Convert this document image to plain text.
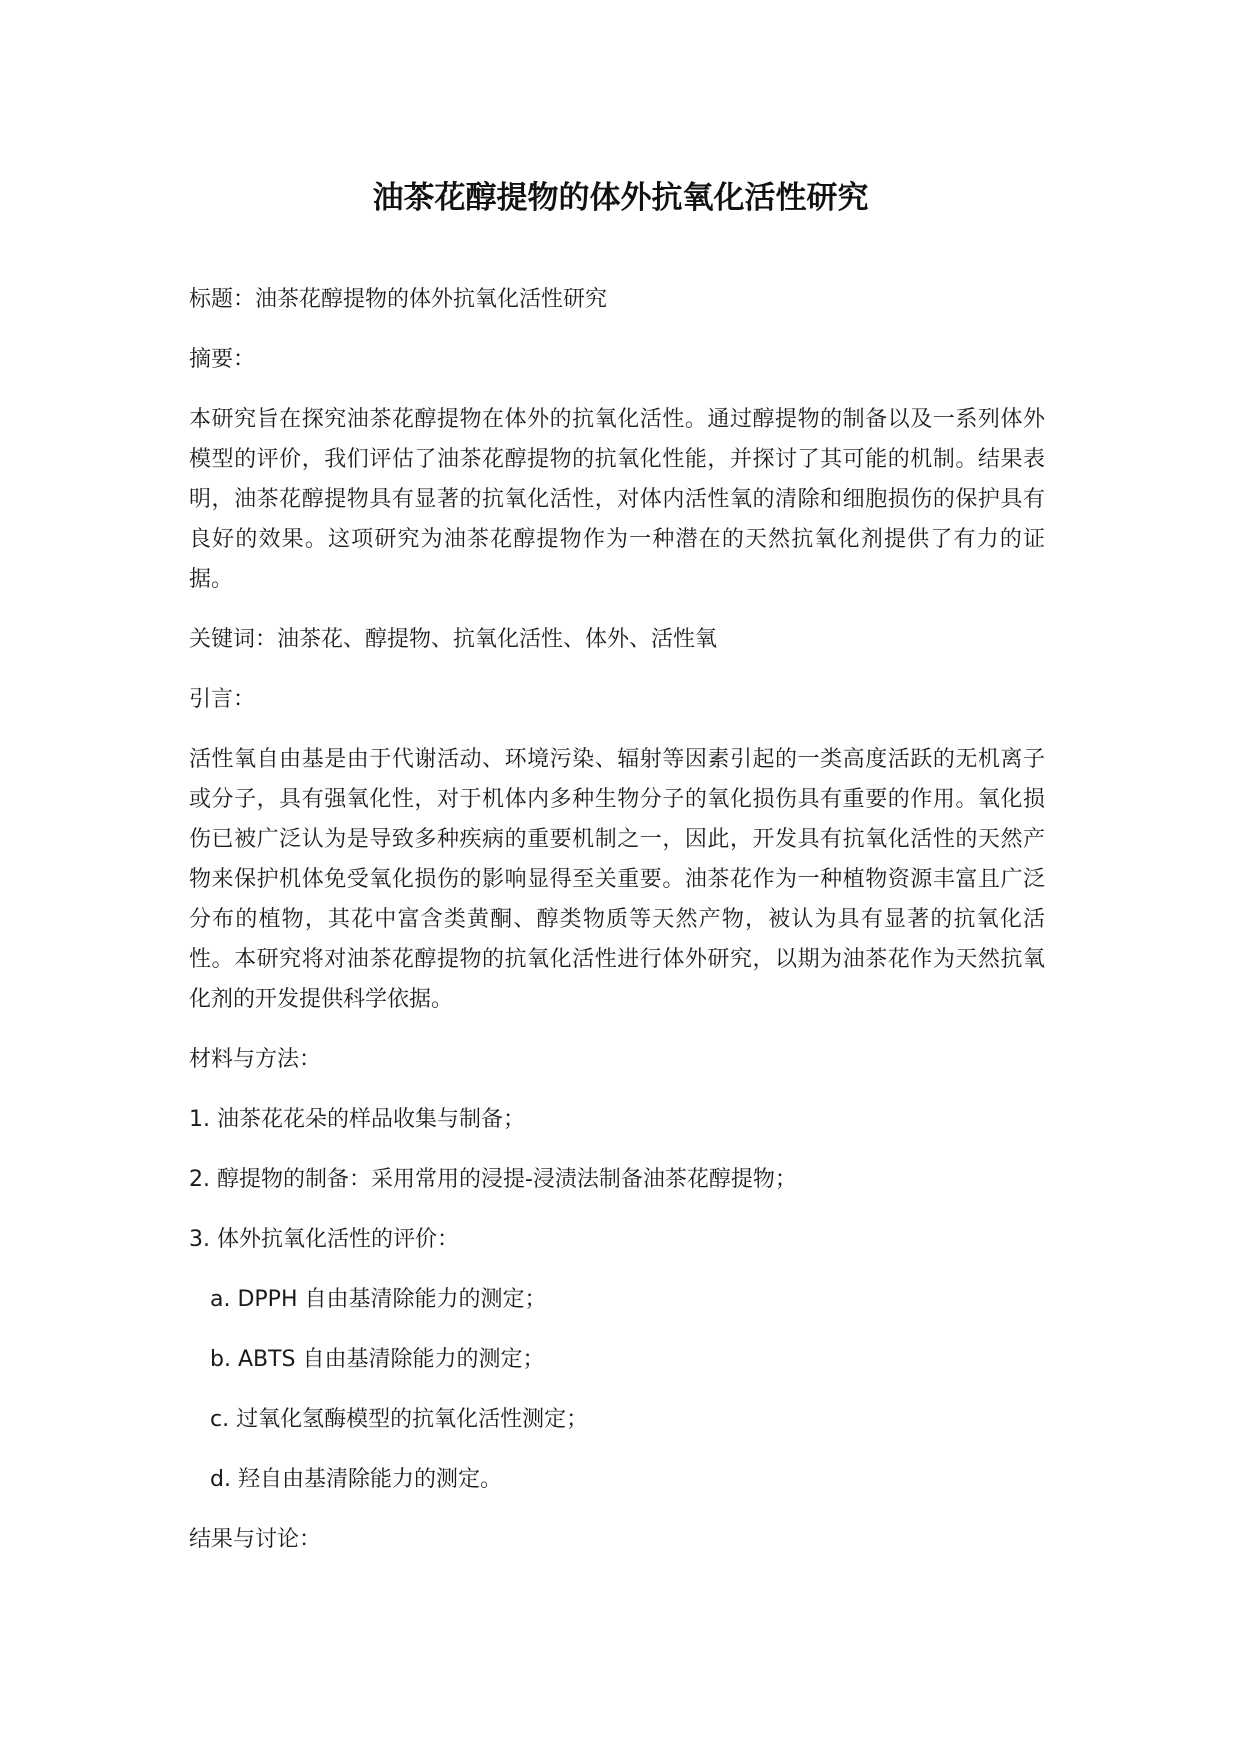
油茶花醇提物的体外抗氧化活性研究

标题：油茶花醇提物的体外抗氧化活性研究

摘要：

本研究旨在探究油茶花醇提物在体外的抗氧化活性。通过醇提物的制备以及一系列体外模型的评价，我们评估了油茶花醇提物的抗氧化性能，并探讨了其可能的机制。结果表明，油茶花醇提物具有显著的抗氧化活性，对体内活性氧的清除和细胞损伤的保护具有良好的效果。这项研究为油茶花醇提物作为一种潜在的天然抗氧化剂提供了有力的证据。

关键词：油茶花、醇提物、抗氧化活性、体外、活性氧

引言：

活性氧自由基是由于代谢活动、环境污染、辐射等因素引起的一类高度活跃的无机离子或分子，具有强氧化性，对于机体内多种生物分子的氧化损伤具有重要的作用。氧化损伤已被广泛认为是导致多种疾病的重要机制之一，因此，开发具有抗氧化活性的天然产物来保护机体免受氧化损伤的影响显得至关重要。油茶花作为一种植物资源丰富且广泛分布的植物，其花中富含类黄酮、醇类物质等天然产物，被认为具有显著的抗氧化活性。本研究将对油茶花醇提物的抗氧化活性进行体外研究，以期为油茶花作为天然抗氧化剂的开发提供科学依据。

材料与方法：

1. 油茶花花朵的样品收集与制备；

2. 醇提物的制备：采用常用的浸提-浸渍法制备油茶花醇提物；

3. 体外抗氧化活性的评价：

a. DPPH 自由基清除能力的测定；

b. ABTS 自由基清除能力的测定；

c. 过氧化氢酶模型的抗氧化活性测定；

d. 羟自由基清除能力的测定。

结果与讨论：
